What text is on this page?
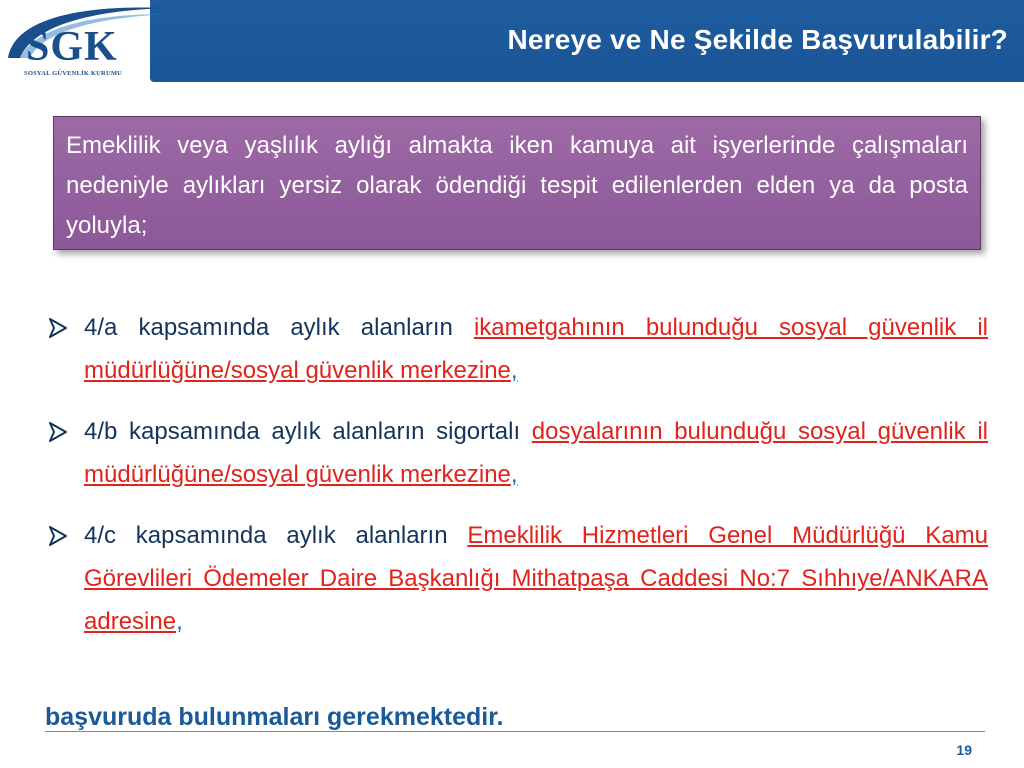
Nereye ve Ne Şekilde Başvurulabilir?
SGK
SOSYAL GÜVENLİK KURUMU
Emeklilik veya yaşlılık aylığı almakta iken kamuya ait işyerlerinde çalışmaları nedeniyle aylıkları yersiz olarak ödendiği tespit edilenlerden elden ya da posta yoluyla;
4/a kapsamında aylık alanların ikametgahının bulunduğu sosyal güvenlik il müdürlüğüne/sosyal güvenlik merkezine,
4/b kapsamında aylık alanların sigortalı dosyalarının bulunduğu sosyal güvenlik il müdürlüğüne/sosyal güvenlik merkezine,
4/c kapsamında aylık alanların Emeklilik Hizmetleri Genel Müdürlüğü Kamu Görevlileri Ödemeler Daire Başkanlığı Mithatpaşa Caddesi No:7 Sıhhıye/ANKARA adresine,
başvuruda bulunmaları gerekmektedir.
19
